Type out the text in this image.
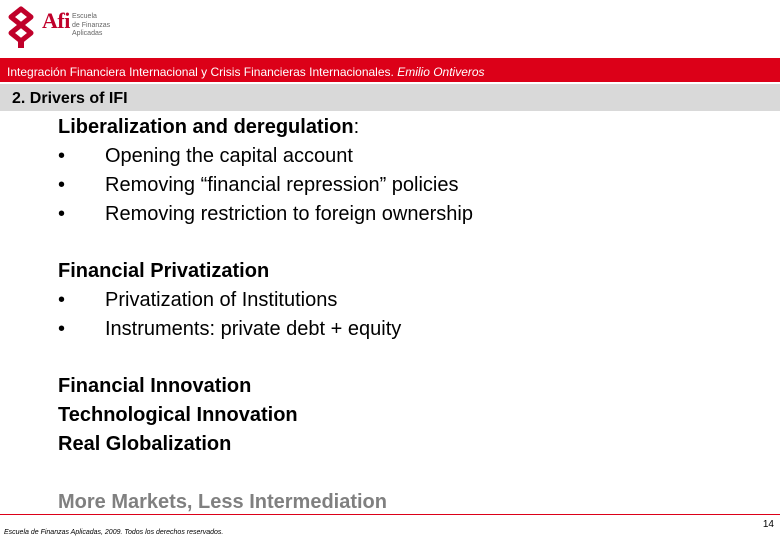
Afi Escuela
de Finanzas
Aplicadas
Integración Financiera Internacional y Crisis Financieras Internacionales. Emilio Ontiveros
2. Drivers of IFI
Liberalization and deregulation:
• Opening the capital account
• Removing “financial repression” policies
• Removing restriction to foreign ownership
Financial Privatization
• Privatization of Institutions
• Instruments: private debt + equity
Financial Innovation
Technological Innovation
Real Globalization
More Markets, Less Intermediation
Escuela de Finanzas Aplicadas, 2009. Todos los derechos reservados.
14
